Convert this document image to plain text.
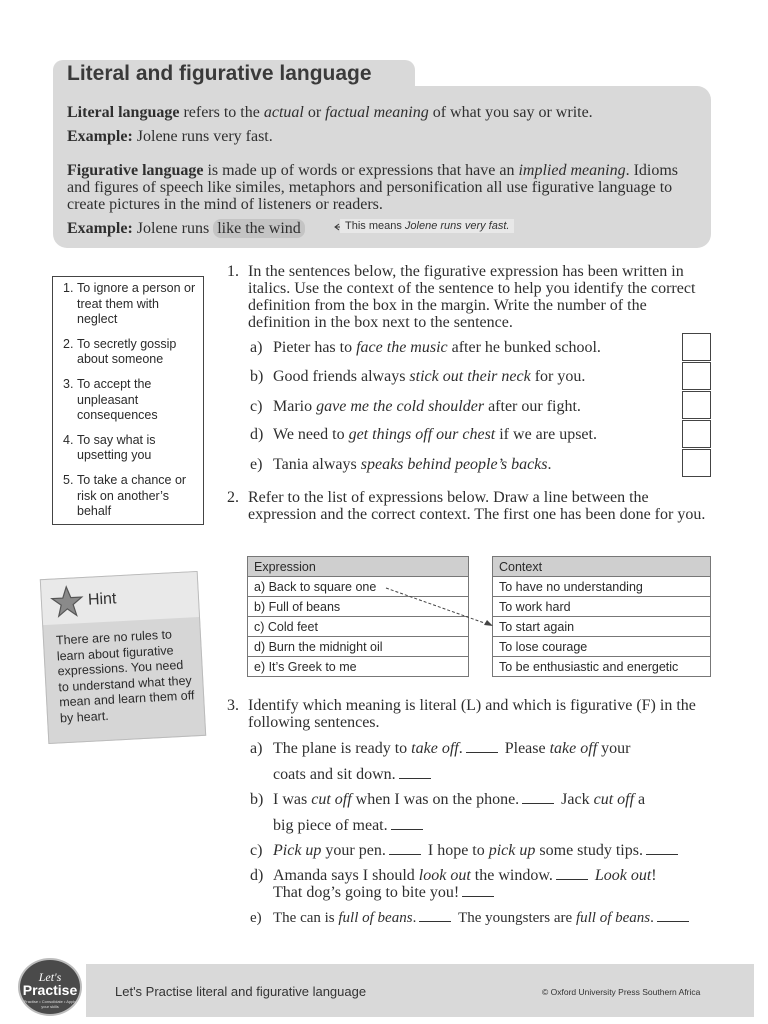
Literal and figurative language
Literal language refers to the actual or factual meaning of what you say or write.
Example: Jolene runs very fast.
Figurative language is made up of words or expressions that have an implied meaning. Idioms and figures of speech like similes, metaphors and personification all use figurative language to create pictures in the mind of listeners or readers.
Example: Jolene runs like the wind	This means Jolene runs very fast.
1. To ignore a person or treat them with neglect
2. To secretly gossip about someone
3. To accept the unpleasant consequences
4. To say what is upsetting you
5. To take a chance or risk on another’s behalf
Hint
There are no rules to learn about figurative expressions. You need to understand what they mean and learn them off by heart.
1. In the sentences below, the figurative expression has been written in italics. Use the context of the sentence to help you identify the correct definition from the box in the margin. Write the number of the definition in the box next to the sentence.
a) Pieter has to face the music after he bunked school.
b) Good friends always stick out their neck for you.
c) Mario gave me the cold shoulder after our fight.
d) We need to get things off our chest if we are upset.
e) Tania always speaks behind people’s backs.
2. Refer to the list of expressions below. Draw a line between the expression and the correct context. The first one has been done for you.
Expression
a) Back to square one
b) Full of beans
c) Cold feet
d) Burn the midnight oil
e) It’s Greek to me
Context
To have no understanding
To work hard
To start again
To lose courage
To be enthusiastic and energetic
3. Identify which meaning is literal (L) and which is figurative (F) in the following sentences.
a) The plane is ready to take off.	Please take off your
coats and sit down.
b) I was cut off when I was on the phone.	Jack cut off a
big piece of meat.
c) Pick up your pen.	I hope to pick up some study tips.
d) Amanda says I should look out the window.	Look out!
That dog’s going to bite you!
e) The can is full of beans.	The youngsters are full of beans.
Let's
Practise
Practise • Consolidate • Apply your skills
Let's Practise literal and figurative language	© Oxford University Press Southern Africa
